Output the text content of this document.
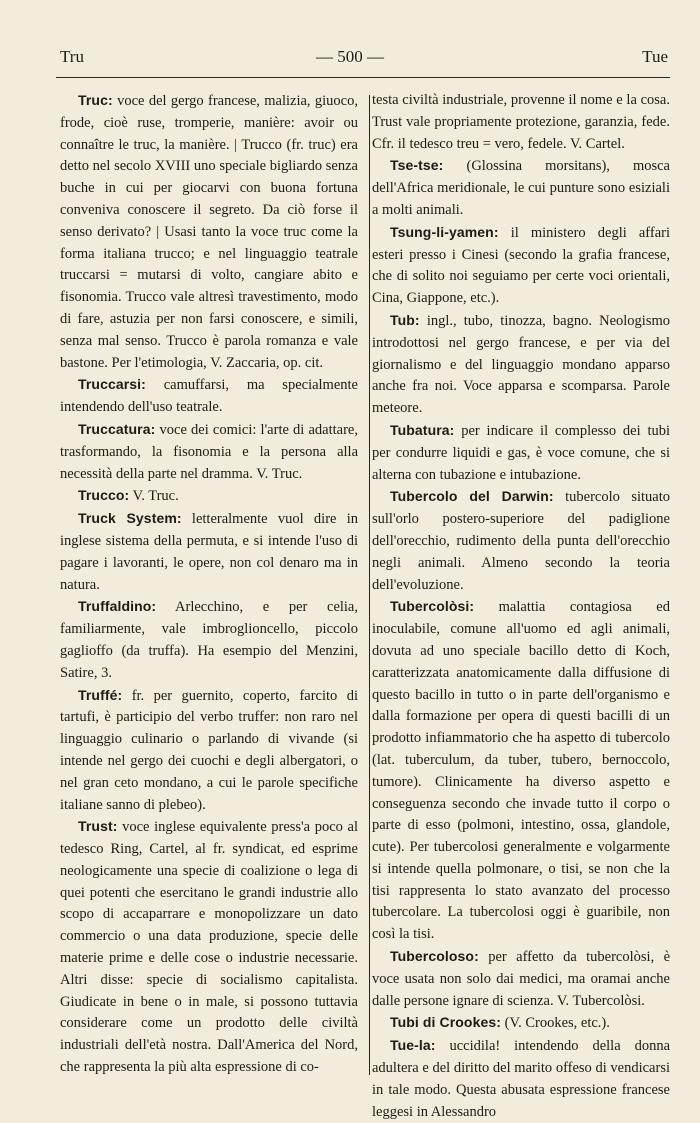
Tru	— 500 —	Tue

Truc: voce del gergo francese, malizia, giuoco, frode, cioè ruse, tromperie, manière: avoir ou connaître le truc, la manière. | Trucco (fr. truc) era detto nel secolo XVIII uno speciale bigliardo senza buche in cui per giocarvi con buona fortuna conveniva conoscere il segreto. Da ciò forse il senso derivato? | Usasi tanto la voce truc come la forma italiana trucco; e nel linguaggio teatrale truccarsi = mutarsi di volto, cangiare abito e fisonomia. Trucco vale altresì travestimento, modo di fare, astuzia per non farsi conoscere, e simili, senza mal senso. Trucco è parola romanza e vale bastone. Per l'etimologia, V. Zaccaria, op. cit.

Truccarsi: camuffarsi, ma specialmente intendendo dell'uso teatrale.

Truccatura: voce dei comici: l'arte di adattare, trasformando, la fisonomia e la persona alla necessità della parte nel dramma. V. Truc.

Trucco: V. Truc.

Truck System: letteralmente vuol dire in inglese sistema della permuta, e si intende l'uso di pagare i lavoranti, le opere, non col denaro ma in natura.

Truffaldino: Arlecchino, e per celia, familiarmente, vale imbroglioncello, piccolo gaglioffo (da truffa). Ha esempio del Menzini, Satire, 3.

Truffé: fr. per guernito, coperto, farcito di tartufi, è participio del verbo truffer: non raro nel linguaggio culinario o parlando di vivande (si intende nel gergo dei cuochi e degli albergatori, o nel gran ceto mondano, a cui le parole specifiche italiane sanno di plebeo).

Trust: voce inglese equivalente press'a poco al tedesco Ring, Cartel, al fr. syndicat, ed esprime neologicamente una specie di coalizione o lega di quei potenti che esercitano le grandi industrie allo scopo di accaparrare e monopolizzare un dato commercio o una data produzione, specie delle materie prime e delle cose o industrie necessarie. Altri disse: specie di socialismo capitalista. Giudicate in bene o in male, si possono tuttavia considerare come un prodotto delle civiltà industriali dell'età nostra. Dall'America del Nord, che rappresenta la più alta espressione di co-

testa civiltà industriale, provenne il nome e la cosa. Trust vale propriamente protezione, garanzia, fede. Cfr. il tedesco treu = vero, fedele. V. Cartel.

Tse-tse: (Glossina morsitans), mosca dell'Africa meridionale, le cui punture sono esiziali a molti animali.

Tsung-li-yamen: il ministero degli affari esteri presso i Cinesi (secondo la grafia francese, che di solito noi seguiamo per certe voci orientali, Cina, Giappone, etc.).

Tub: ingl., tubo, tinozza, bagno. Neologismo introdottosi nel gergo francese, e per via del giornalismo e del linguaggio mondano apparso anche fra noi. Voce apparsa e scomparsa. Parole meteore.

Tubatura: per indicare il complesso dei tubi per condurre liquidi e gas, è voce comune, che si alterna con tubazione e intubazione.

Tubercolo del Darwin: tubercolo situato sull'orlo postero-superiore del padiglione dell'orecchio, rudimento della punta dell'orecchio negli animali. Almeno secondo la teoria dell'evoluzione.

Tubercolòsi: malattia contagiosa ed inoculabile, comune all'uomo ed agli animali, dovuta ad uno speciale bacillo detto di Koch, caratterizzata anatomicamente dalla diffusione di questo bacillo in tutto o in parte dell'organismo e dalla formazione per opera di questi bacilli di un prodotto infiammatorio che ha aspetto di tubercolo (lat. tuberculum, da tuber, tubero, bernoccolo, tumore). Clinicamente ha diverso aspetto e conseguenza secondo che invade tutto il corpo o parte di esso (polmoni, intestino, ossa, glandole, cute). Per tubercolosi generalmente e volgarmente si intende quella polmonare, o tisi, se non che la tisi rappresenta lo stato avanzato del processo tubercolare. La tubercolosi oggi è guaribile, non così la tisi.

Tubercoloso: per affetto da tubercolòsi, è voce usata non solo dai medici, ma oramai anche dalle persone ignare di scienza. V. Tubercolòsi.

Tubi di Crookes: (V. Crookes, etc.).

Tue-la: uccidila! intendendo della donna adultera e del diritto del marito offeso di vendicarsi in tale modo. Questa abusata espressione francese leggesi in Alessandro
